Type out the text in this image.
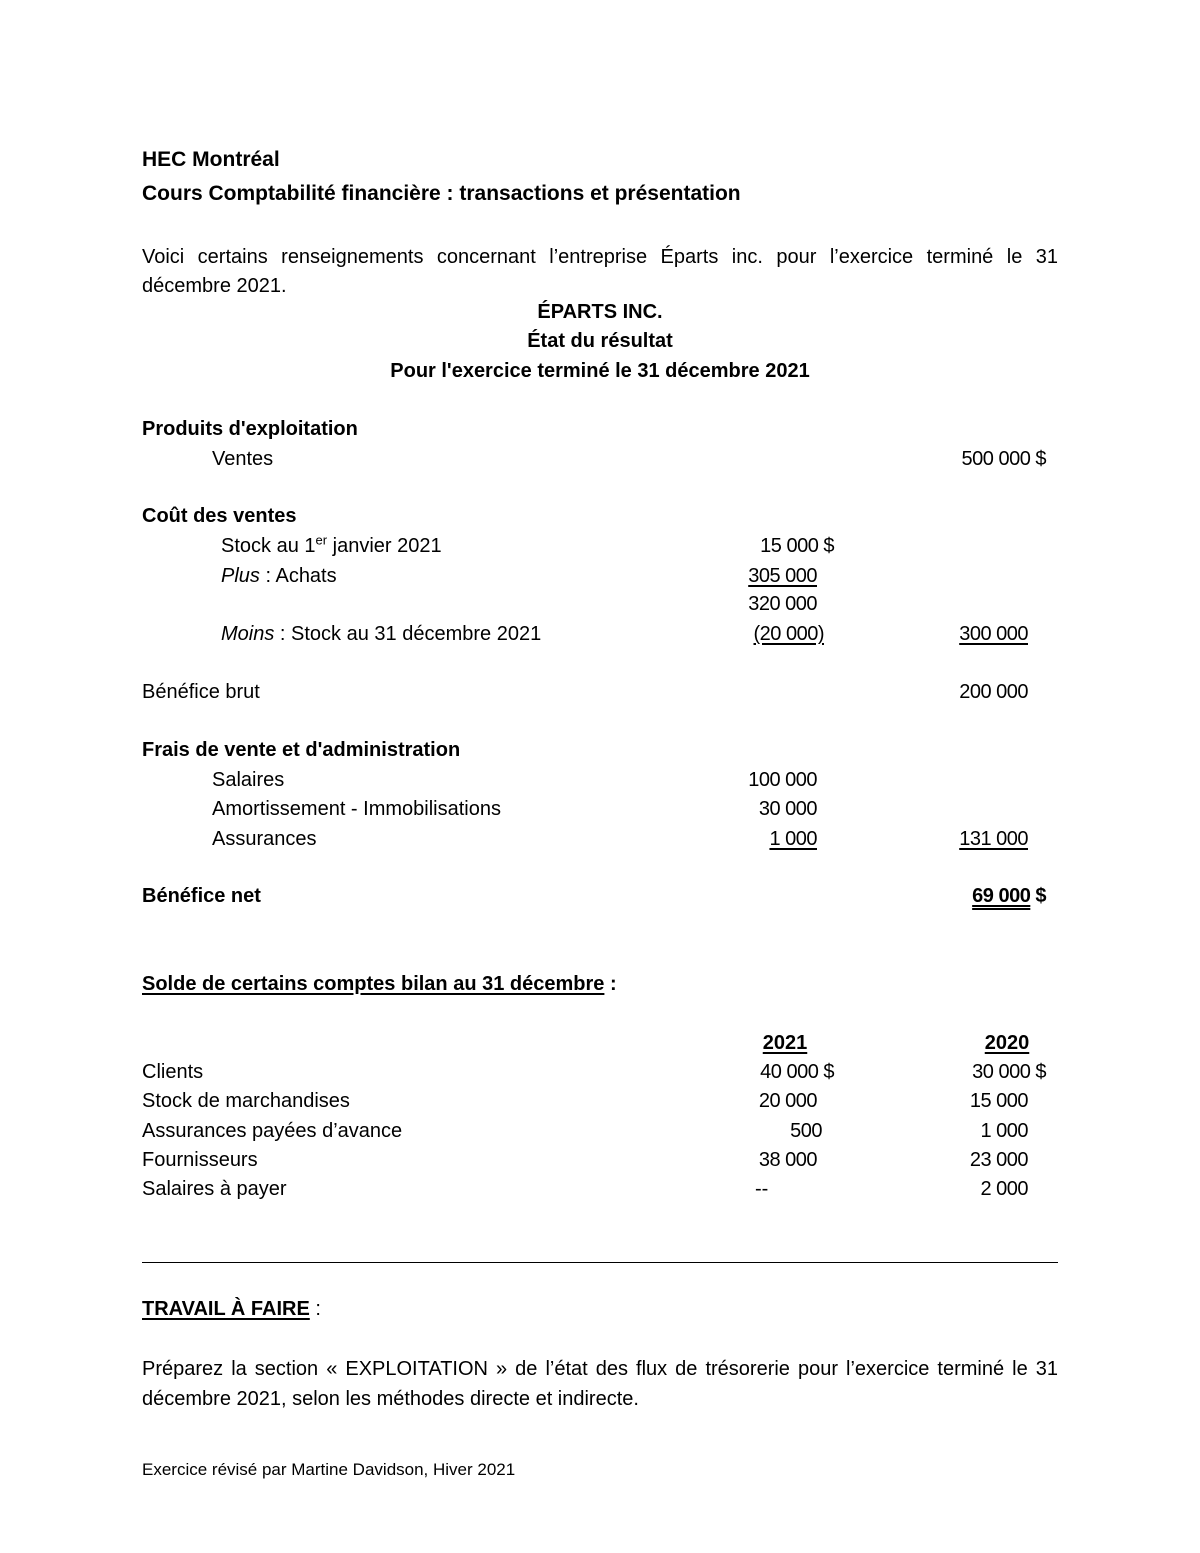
HEC Montréal
Cours Comptabilité financière : transactions et présentation
Voici certains renseignements concernant l’entreprise Éparts inc. pour l’exercice terminé le 31 décembre 2021.
ÉPARTS INC.
État du résultat
Pour l'exercice terminé le 31 décembre 2021
Produits d'exploitation
Ventes	500 000 $
Coût des ventes
Stock au 1er janvier 2021	15 000 $
Plus : Achats	305 000
320 000
Moins : Stock au 31 décembre 2021	(20 000)	300 000
Bénéfice brut	200 000
Frais de vente et d'administration
Salaires	100 000
Amortissement - Immobilisations	30 000
Assurances	1 000	131 000
Bénéfice net	69 000 $
Solde de certains comptes bilan au 31 décembre :
2021	2020
Clients	40 000 $	30 000 $
Stock de marchandises	20 000	15 000
Assurances payées d’avance	500	1 000
Fournisseurs	38 000	23 000
Salaires à payer	--	2 000
TRAVAIL À FAIRE :
Préparez la section « EXPLOITATION » de l’état des flux de trésorerie pour l’exercice terminé le 31 décembre 2021, selon les méthodes directe et indirecte.
Exercice révisé par Martine Davidson, Hiver 2021
